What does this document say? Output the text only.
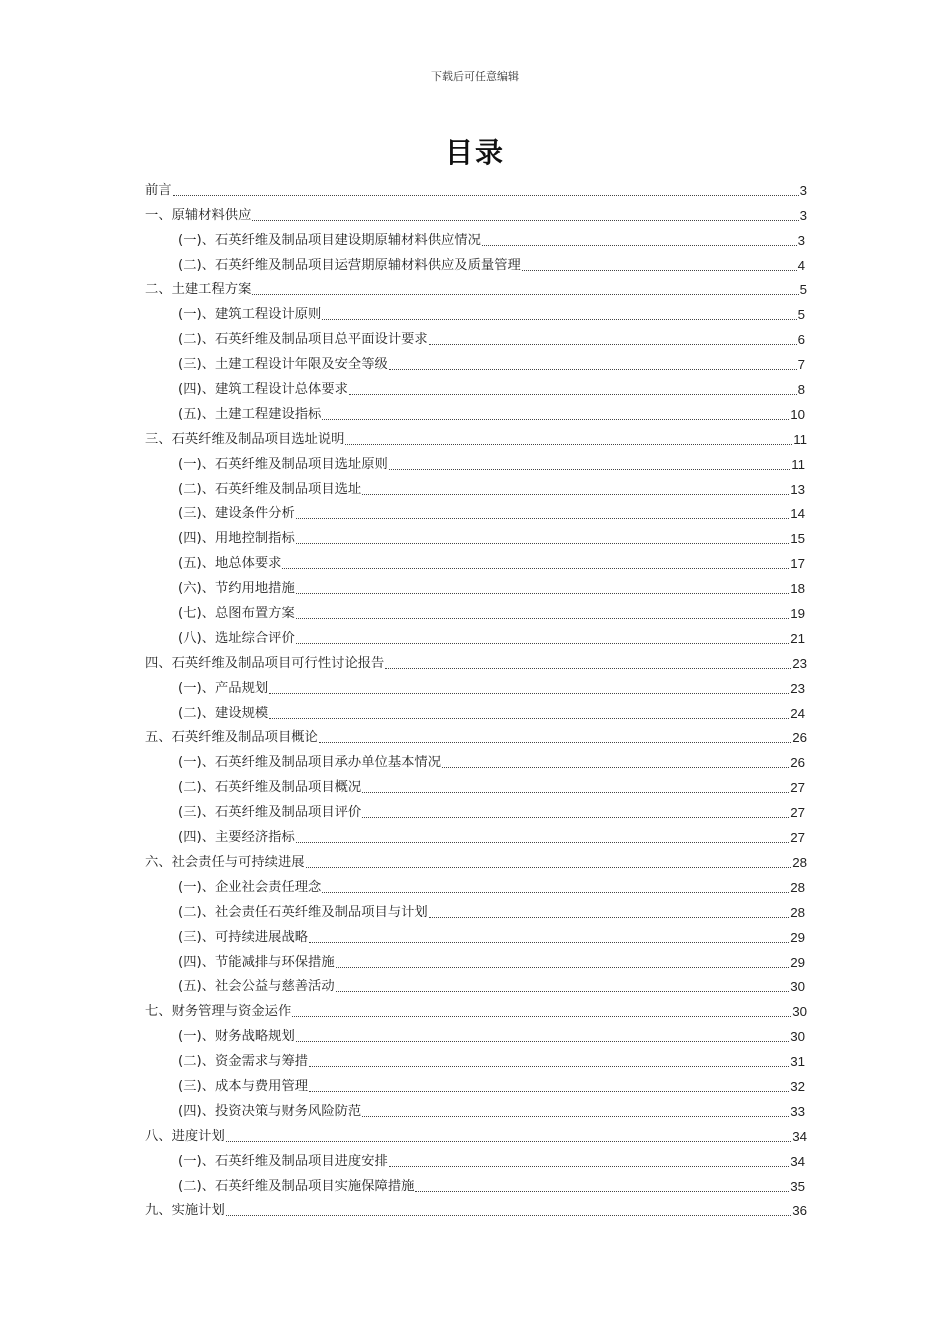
下载后可任意编辑
目录
前言	3
一、原辅材料供应	3
(一)、石英纤维及制品项目建设期原辅材料供应情况	3
(二)、石英纤维及制品项目运营期原辅材料供应及质量管理	4
二、土建工程方案	5
(一)、建筑工程设计原则	5
(二)、石英纤维及制品项目总平面设计要求	6
(三)、土建工程设计年限及安全等级	7
(四)、建筑工程设计总体要求	8
(五)、土建工程建设指标	10
三、石英纤维及制品项目选址说明	11
(一)、石英纤维及制品项目选址原则	11
(二)、石英纤维及制品项目选址	13
(三)、建设条件分析	14
(四)、用地控制指标	15
(五)、地总体要求	17
(六)、节约用地措施	18
(七)、总图布置方案	19
(八)、选址综合评价	21
四、石英纤维及制品项目可行性讨论报告	23
(一)、产品规划	23
(二)、建设规模	24
五、石英纤维及制品项目概论	26
(一)、石英纤维及制品项目承办单位基本情况	26
(二)、石英纤维及制品项目概况	27
(三)、石英纤维及制品项目评价	27
(四)、主要经济指标	27
六、社会责任与可持续进展	28
(一)、企业社会责任理念	28
(二)、社会责任石英纤维及制品项目与计划	28
(三)、可持续进展战略	29
(四)、节能减排与环保措施	29
(五)、社会公益与慈善活动	30
七、财务管理与资金运作	30
(一)、财务战略规划	30
(二)、资金需求与筹措	31
(三)、成本与费用管理	32
(四)、投资决策与财务风险防范	33
八、进度计划	34
(一)、石英纤维及制品项目进度安排	34
(二)、石英纤维及制品项目实施保障措施	35
九、实施计划	36
